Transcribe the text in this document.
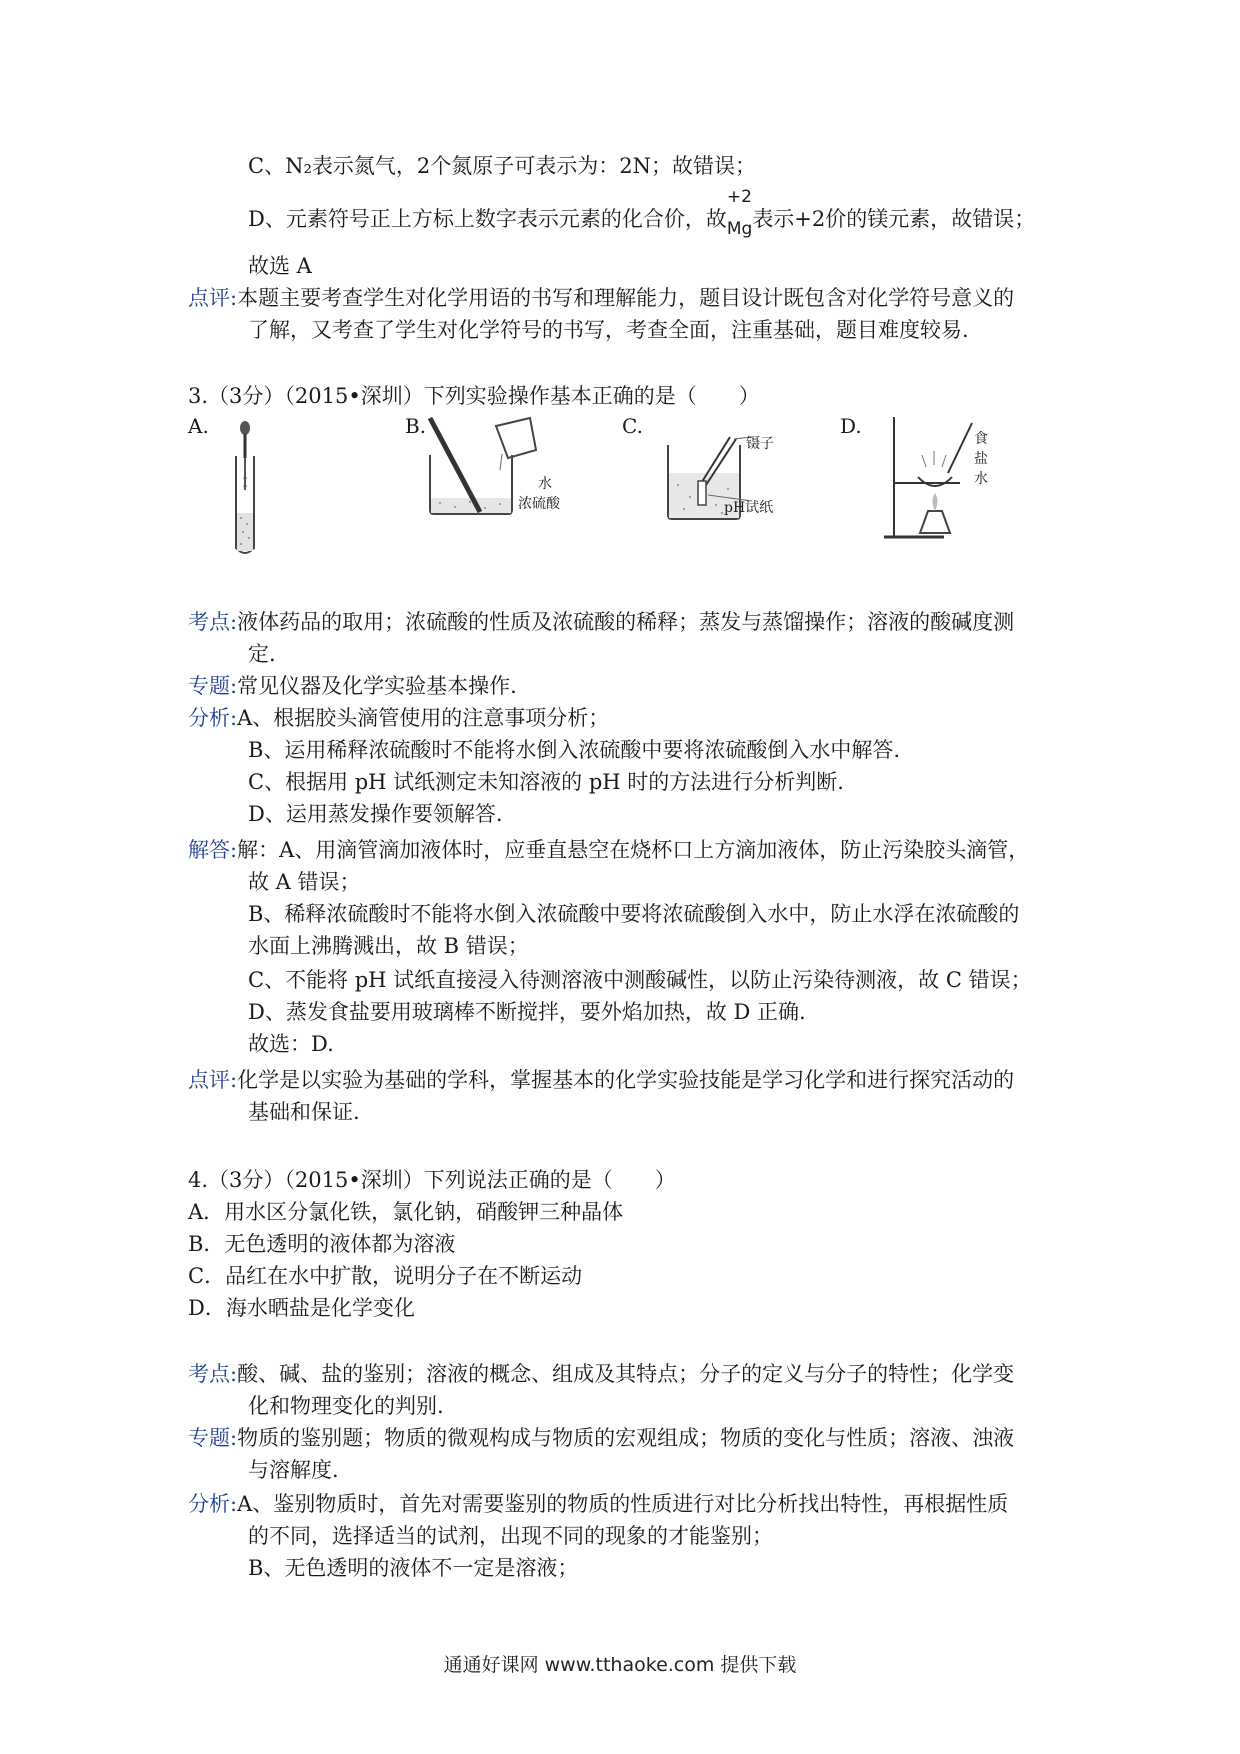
C、N₂表示氮气，2个氮原子可表示为：2N；故错误；
D、元素符号正上方标上数字表示元素的化合价，故
+2
$_{Mg}$表示+2价的镁元素，故错误；
故选 A
点评:本题主要考查学生对化学用语的书写和理解能力，题目设计既包含对化学符号意义的
了解，又考查了学生对化学符号的书写，考查全面，注重基础，题目难度较易.
3.（3分）（2015•深圳）下列实验操作基本正确的是（　　）
A.	B.	C.	D.
水
浓硫酸
镊子
pH试纸
食
盐
水
考点:液体药品的取用；浓硫酸的性质及浓硫酸的稀释；蒸发与蒸馏操作；溶液的酸碱度测
定.
专题:常见仪器及化学实验基本操作.
分析:A、根据胶头滴管使用的注意事项分析；
B、运用稀释浓硫酸时不能将水倒入浓硫酸中要将浓硫酸倒入水中解答.
C、根据用 pH 试纸测定未知溶液的 pH 时的方法进行分析判断.
D、运用蒸发操作要领解答.
解答:解：A、用滴管滴加液体时，应垂直悬空在烧杯口上方滴加液体，防止污染胶头滴管，
故 A 错误；
B、稀释浓硫酸时不能将水倒入浓硫酸中要将浓硫酸倒入水中，防止水浮在浓硫酸的
水面上沸腾溅出，故 B 错误；
C、不能将 pH 试纸直接浸入待测溶液中测酸碱性，以防止污染待测液，故 C 错误；
D、蒸发食盐要用玻璃棒不断搅拌，要外焰加热，故 D 正确.
故选：D.
点评:化学是以实验为基础的学科，掌握基本的化学实验技能是学习化学和进行探究活动的
基础和保证.
4.（3分）（2015•深圳）下列说法正确的是（　　）
A．用水区分氯化铁，氯化钠，硝酸钾三种晶体
B．无色透明的液体都为溶液
C．品红在水中扩散，说明分子在不断运动
D．海水晒盐是化学变化
考点:酸、碱、盐的鉴别；溶液的概念、组成及其特点；分子的定义与分子的特性；化学变
化和物理变化的判别.
专题:物质的鉴别题；物质的微观构成与物质的宏观组成；物质的变化与性质；溶液、浊液
与溶解度.
分析:A、鉴别物质时，首先对需要鉴别的物质的性质进行对比分析找出特性，再根据性质
的不同，选择适当的试剂，出现不同的现象的才能鉴别；
B、无色透明的液体不一定是溶液；
通通好课网 www.tthaoke.com 提供下载
